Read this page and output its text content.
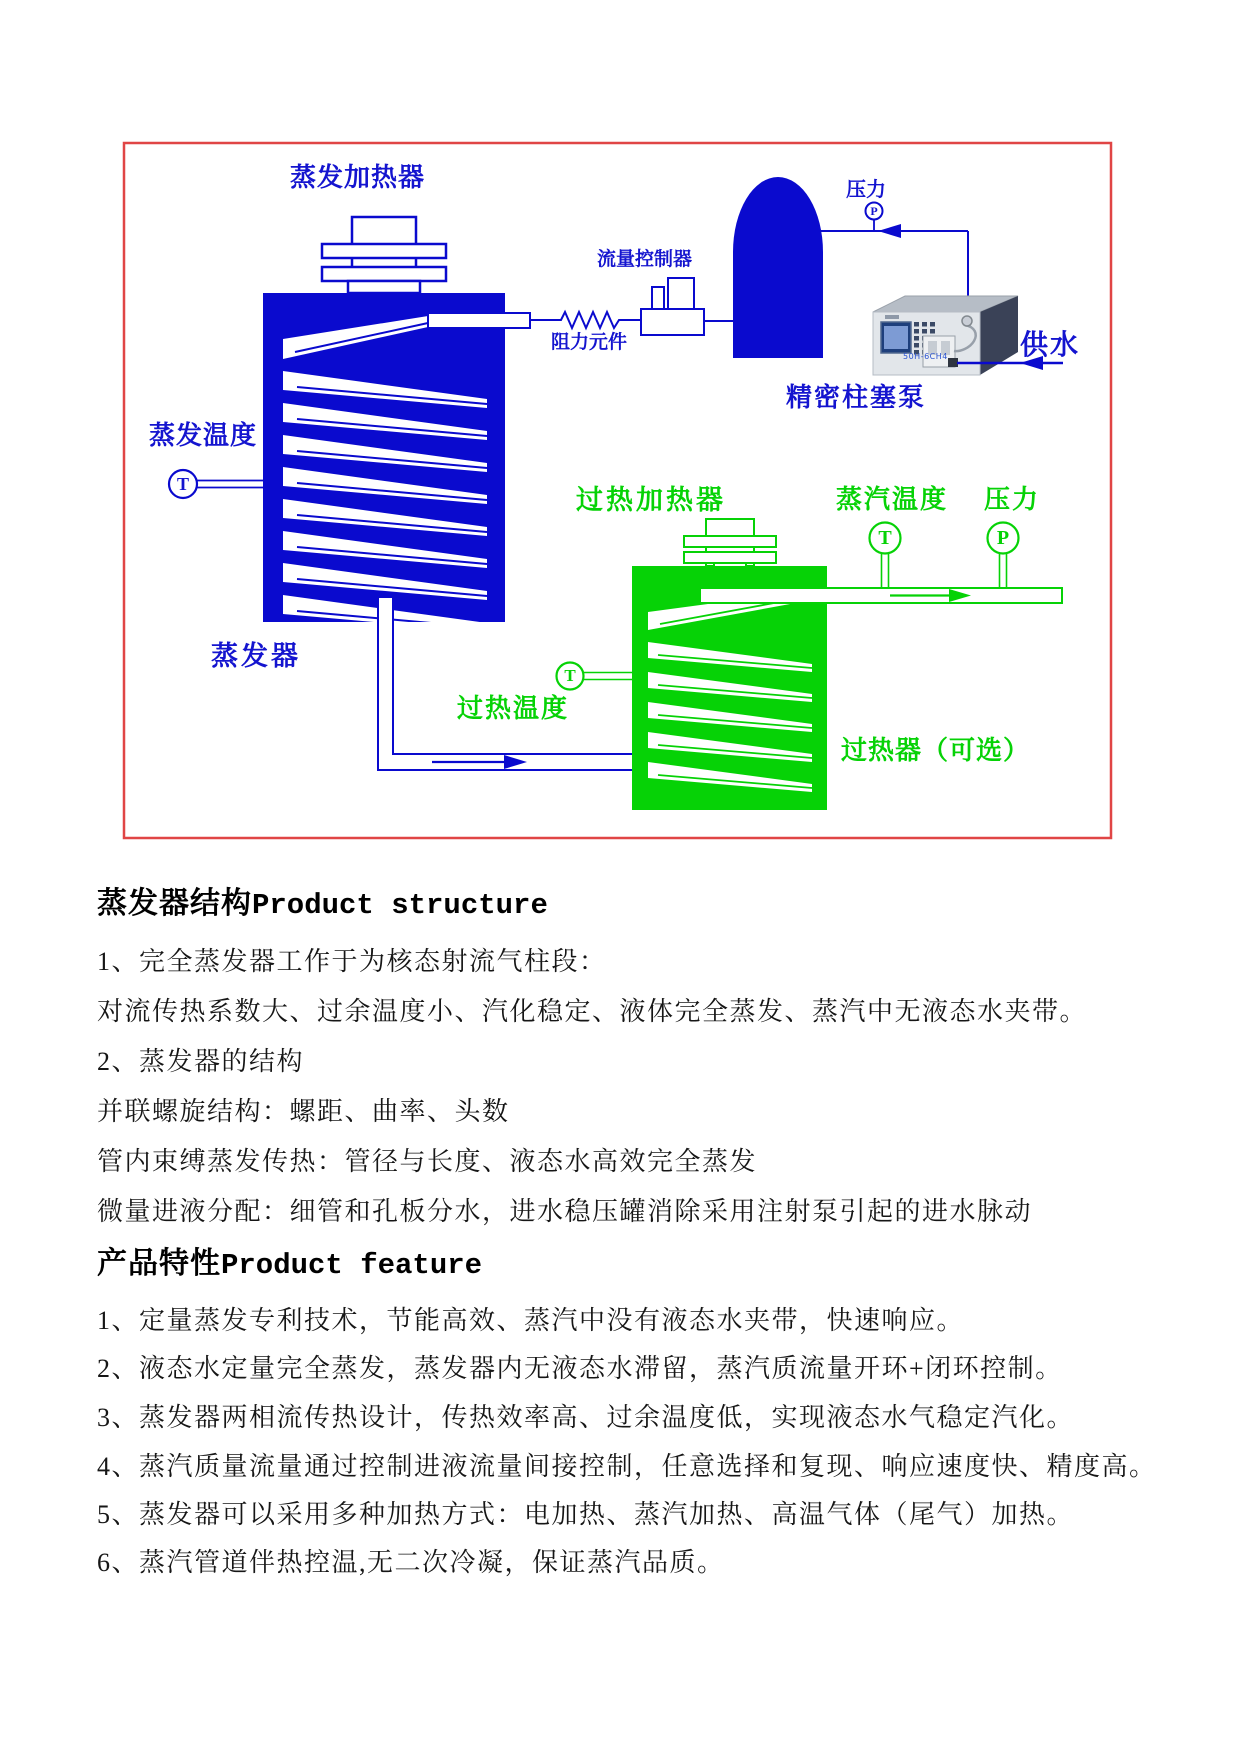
蒸发加热器
流量控制器
阻力元件
压力
供水
精密柱塞泵
蒸发温度
蒸发器
过热加热器	蒸汽温度 压力
过热温度
过热器（可选）
50H-6CH4
P
T
T	P
T
蒸发器结构Product structure
1、完全蒸发器工作于为核态射流气柱段：
对流传热系数大、过余温度小、汽化稳定、液体完全蒸发、蒸汽中无液态水夹带。
2、蒸发器的结构
并联螺旋结构：螺距、曲率、头数
管内束缚蒸发传热：管径与长度、液态水高效完全蒸发
微量进液分配：细管和孔板分水，进水稳压罐消除采用注射泵引起的进水脉动
产品特性Product feature
1、定量蒸发专利技术，节能高效、蒸汽中没有液态水夹带，快速响应。
2、液态水定量完全蒸发，蒸发器内无液态水滞留，蒸汽质流量开环+闭环控制。
3、蒸发器两相流传热设计，传热效率高、过余温度低，实现液态水气稳定汽化。
4、蒸汽质量流量通过控制进液流量间接控制，任意选择和复现、响应速度快、精度高。
5、蒸发器可以采用多种加热方式：电加热、蒸汽加热、高温气体（尾气）加热。
6、蒸汽管道伴热控温,无二次冷凝，保证蒸汽品质。
